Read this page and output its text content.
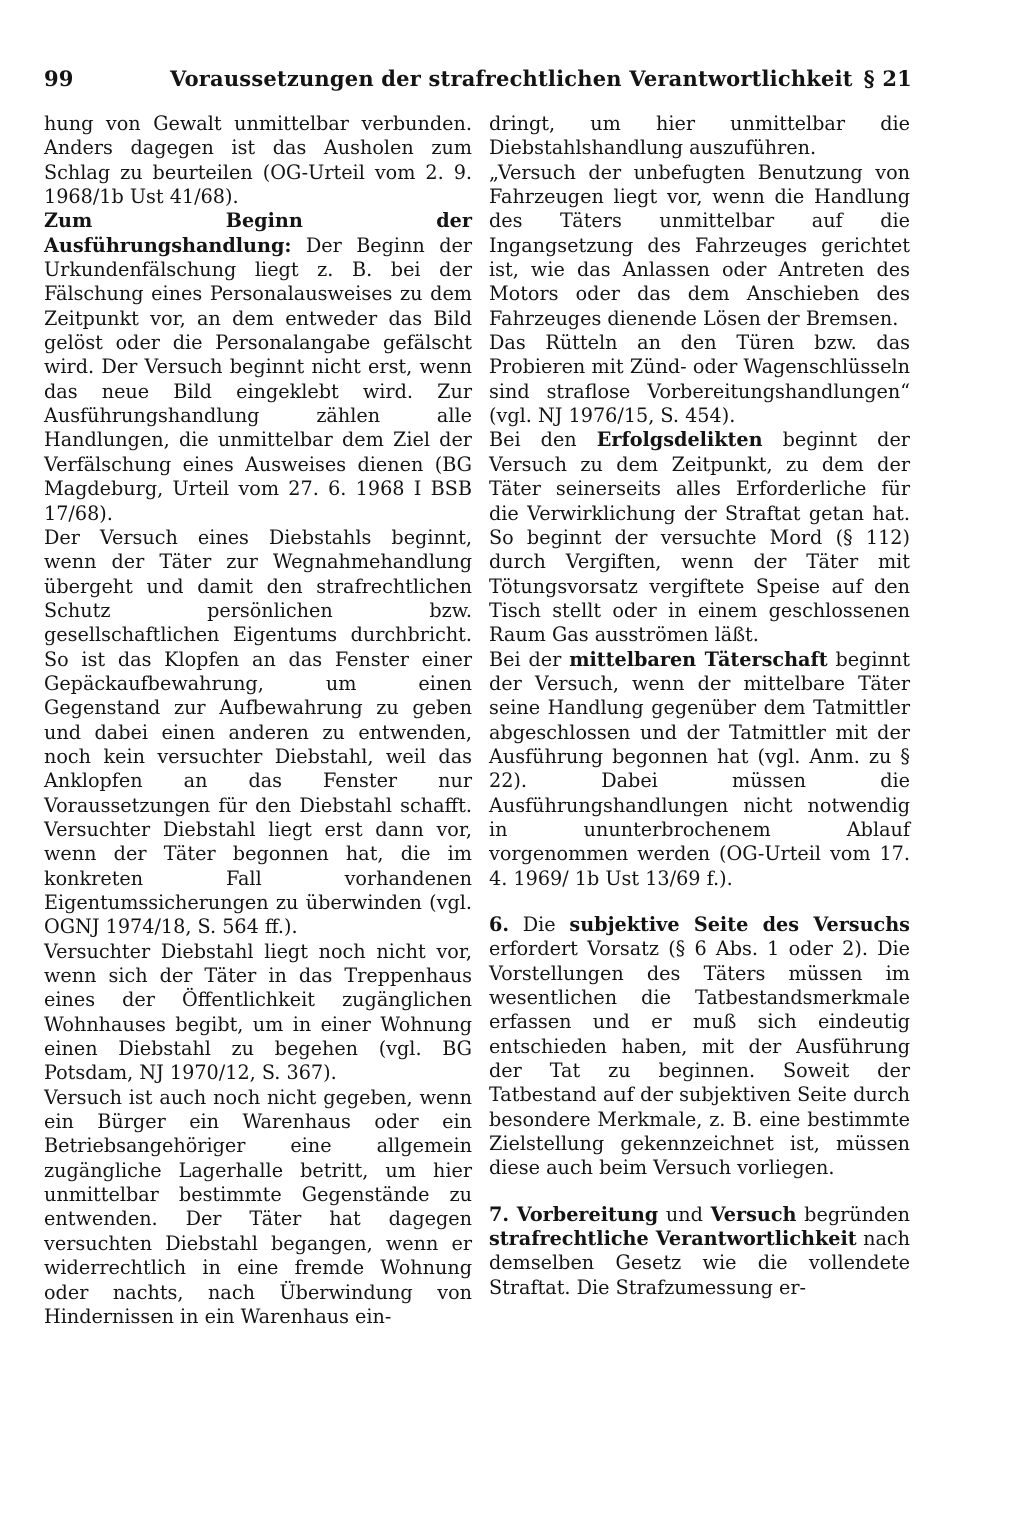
99	Voraussetzungen der strafrechtlichen Verantwortlichkeit § 21

hung von Gewalt unmittelbar verbunden. Anders dagegen ist das Ausholen zum Schlag zu beurteilen (OG-Urteil vom 2. 9. 1968/1b Ust 41/68).

Zum Beginn der Ausführungshandlung: Der Beginn der Urkundenfälschung liegt z. B. bei der Fälschung eines Personalausweises zu dem Zeitpunkt vor, an dem entweder das Bild gelöst oder die Personalangabe gefälscht wird. Der Versuch beginnt nicht erst, wenn das neue Bild eingeklebt wird. Zur Ausführungshandlung zählen alle Handlungen, die unmittelbar dem Ziel der Verfälschung eines Ausweises dienen (BG Magdeburg, Urteil vom 27. 6. 1968 I BSB 17/68).

Der Versuch eines Diebstahls beginnt, wenn der Täter zur Wegnahmehandlung übergeht und damit den strafrechtlichen Schutz persönlichen bzw. gesellschaftlichen Eigentums durchbricht. So ist das Klopfen an das Fenster einer Gepäckaufbewahrung, um einen Gegenstand zur Aufbewahrung zu geben und dabei einen anderen zu entwenden, noch kein versuchter Diebstahl, weil das Anklopfen an das Fenster nur Voraussetzungen für den Diebstahl schafft. Versuchter Diebstahl liegt erst dann vor, wenn der Täter begonnen hat, die im konkreten Fall vorhandenen Eigentumssicherungen zu überwinden (vgl. OGNJ 1974/18, S. 564 ff.).

Versuchter Diebstahl liegt noch nicht vor, wenn sich der Täter in das Treppenhaus eines der Öffentlichkeit zugänglichen Wohnhauses begibt, um in einer Wohnung einen Diebstahl zu begehen (vgl. BG Potsdam, NJ 1970/12, S. 367).

Versuch ist auch noch nicht gegeben, wenn ein Bürger ein Warenhaus oder ein Betriebsangehöriger eine allgemein zugängliche Lagerhalle betritt, um hier unmittelbar bestimmte Gegenstände zu entwenden. Der Täter hat dagegen versuchten Diebstahl begangen, wenn er widerrechtlich in eine fremde Wohnung oder nachts, nach Überwindung von Hindernissen in ein Warenhaus ein-

dringt, um hier unmittelbar die Diebstahlshandlung auszuführen.

„Versuch der unbefugten Benutzung von Fahrzeugen liegt vor, wenn die Handlung des Täters unmittelbar auf die Ingangsetzung des Fahrzeuges gerichtet ist, wie das Anlassen oder Antreten des Motors oder das dem Anschieben des Fahrzeuges dienende Lösen der Bremsen.

Das Rütteln an den Türen bzw. das Probieren mit Zünd- oder Wagenschlüsseln sind straflose Vorbereitungshandlungen“ (vgl. NJ 1976/15, S. 454).

Bei den Erfolgsdelikten beginnt der Versuch zu dem Zeitpunkt, zu dem der Täter seinerseits alles Erforderliche für die Verwirklichung der Straftat getan hat. So beginnt der versuchte Mord (§ 112) durch Vergiften, wenn der Täter mit Tötungsvorsatz vergiftete Speise auf den Tisch stellt oder in einem geschlossenen Raum Gas ausströmen läßt.

Bei der mittelbaren Täterschaft beginnt der Versuch, wenn der mittelbare Täter seine Handlung gegenüber dem Tatmittler abgeschlossen und der Tatmittler mit der Ausführung begonnen hat (vgl. Anm. zu § 22). Dabei müssen die Ausführungshandlungen nicht notwendig in ununterbrochenem Ablauf vorgenommen werden (OG-Urteil vom 17. 4. 1969/ 1b Ust 13/69 f.).

6. Die subjektive Seite des Versuchs erfordert Vorsatz (§ 6 Abs. 1 oder 2). Die Vorstellungen des Täters müssen im wesentlichen die Tatbestandsmerkmale erfassen und er muß sich eindeutig entschieden haben, mit der Ausführung der Tat zu beginnen. Soweit der Tatbestand auf der subjektiven Seite durch besondere Merkmale, z. B. eine bestimmte Zielstellung gekennzeichnet ist, müssen diese auch beim Versuch vorliegen.

7. Vorbereitung und Versuch begründen strafrechtliche Verantwortlichkeit nach demselben Gesetz wie die vollendete Straftat. Die Strafzumessung er-
